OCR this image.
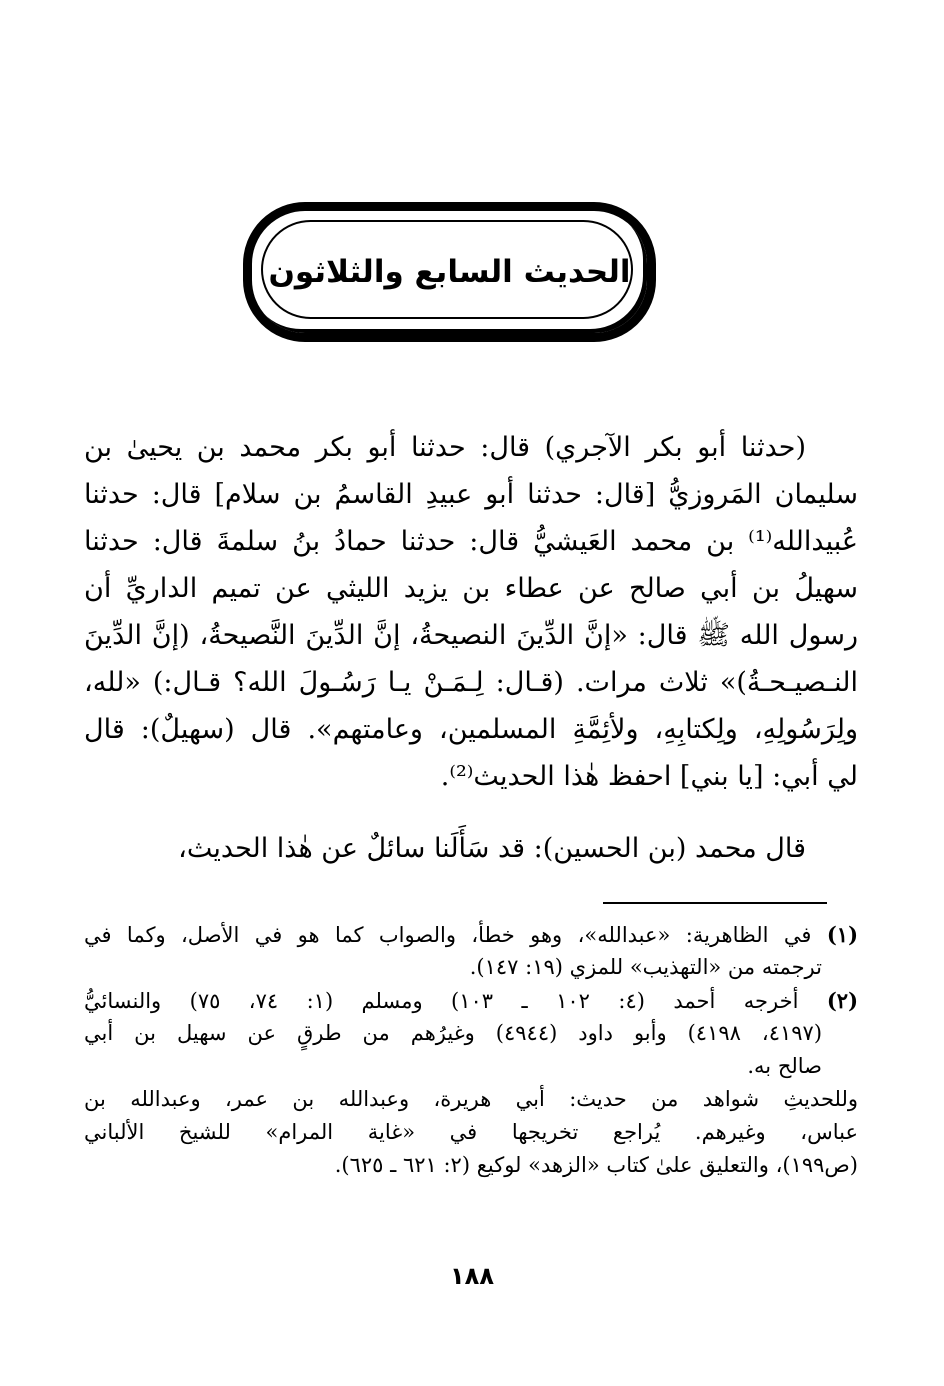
الحديث السابع والثلاثون
(حدثنا أبو بكر الآجري) قال: حدثنا أبو بكر محمد بن يحيىٰ بن
سليمان المَروزيُّ [قال: حدثنا أبو عبيدِ القاسمُ بن سلام] قال: حدثنا
عُبيدالله⁽¹⁾ بن محمد العَيشيُّ قال: حدثنا حمادُ بنُ سلمةَ قال: حدثنا
سهيلُ بن أبي صالح عن عطاء بن يزيد الليثي عن تميم الداريِّ أن
رسول الله ﷺ قال: «إنَّ الدِّينَ النصيحةُ، إنَّ الدِّينَ النَّصيحةُ، (إنَّ الدِّينَ
النـصيـحـةُ)» ثلاث مرات. (قـال: لِـمَـنْ يـا رَسُـولَ الله؟ قـال:) «لله،
ولِرَسُولِهِ، ولِكتابِهِ، ولأئِمَّةِ المسلمين، وعامتهم». قال (سهيلٌ): قال
لي أبي: [يا بني] احفظ هٰذا الحديث⁽²⁾.
قال محمد (بن الحسين): قد سَأَلَنا سائلٌ عن هٰذا الحديث،
(١) في الظاهرية: «عبدالله»، وهو خطأ، والصواب كما هو في الأصل، وكما في
ترجمته من «التهذيب» للمزي (١٩: ١٤٧).
(٢) أخرجه أحمد (٤: ١٠٢ ـ ١٠٣) ومسلم (١: ٧٤، ٧٥) والنسائيُّ
(٤١٩٧، ٤١٩٨) وأبو داود (٤٩٤٤) وغيرُهم من طرقٍ عن سهيل بن أبي
صالح به.
وللحديثِ شواهد من حديث: أبي هريرة، وعبدالله بن عمر، وعبدالله بن
عباس، وغيرهم. يُراجع تخريجها في «غاية المرام» للشيخ الألباني
(ص١٩٩)، والتعليق علىٰ كتاب «الزهد» لوكيع (٢: ٦٢١ ـ ٦٢٥).
١٨٨
